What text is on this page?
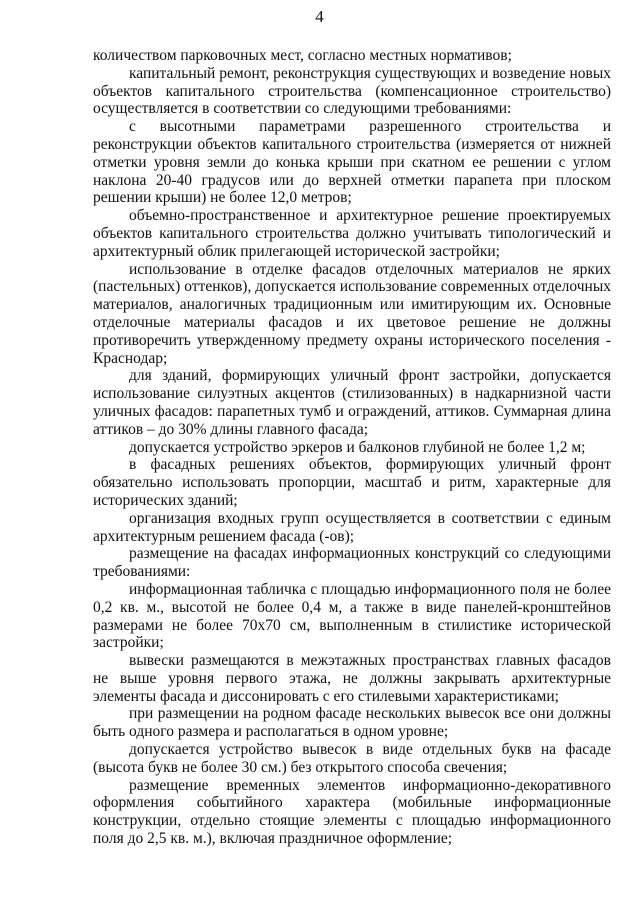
4

количеством парковочных мест, согласно местных нормативов;

капитальный ремонт, реконструкция существующих и возведение новых объектов капитального строительства (компенсационное строительство) осуществляется в соответствии со следующими требованиями:

с высотными параметрами разрешенного строительства и реконструкции объектов капитального строительства (измеряется от нижней отметки уровня земли до конька крыши при скатном ее решении с углом наклона 20-40 градусов или до верхней отметки парапета при плоском решении крыши) не более 12,0 метров;

объемно-пространственное и архитектурное решение проектируемых объектов капитального строительства должно учитывать типологический и архитектурный облик прилегающей исторической застройки;

использование в отделке фасадов отделочных материалов не ярких (пастельных) оттенков), допускается использование современных отделочных материалов, аналогичных традиционным или имитирующим их. Основные отделочные материалы фасадов и их цветовое решение не должны противоречить утвержденному предмету охраны исторического поселения - Краснодар;

для зданий, формирующих уличный фронт застройки, допускается использование силуэтных акцентов (стилизованных) в надкарнизной части уличных фасадов: парапетных тумб и ограждений, аттиков. Суммарная длина аттиков – до 30% длины главного фасада;

допускается устройство эркеров и балконов глубиной не более 1,2 м;

в фасадных решениях объектов, формирующих уличный фронт обязательно использовать пропорции, масштаб и ритм, характерные для исторических зданий;

организация входных групп осуществляется в соответствии с единым архитектурным решением фасада (-ов);

размещение на фасадах информационных конструкций со следующими требованиями:

информационная табличка с площадью информационного поля не более 0,2 кв. м., высотой не более 0,4 м, а также в виде панелей-кронштейнов размерами не более 70х70 см, выполненным в стилистике исторической застройки;

вывески размещаются в межэтажных пространствах главных фасадов не выше уровня первого этажа, не должны закрывать архитектурные элементы фасада и диссонировать с его стилевыми характеристиками;

при размещении на родном фасаде нескольких вывесок все они должны быть одного размера и располагаться в одном уровне;

допускается устройство вывесок в виде отдельных букв на фасаде (высота букв не более 30 см.) без открытого способа свечения;

размещение временных элементов информационно-декоративного оформления событийного характера (мобильные информационные конструкции, отдельно стоящие элементы с площадью информационного поля до 2,5 кв. м.), включая праздничное оформление;
